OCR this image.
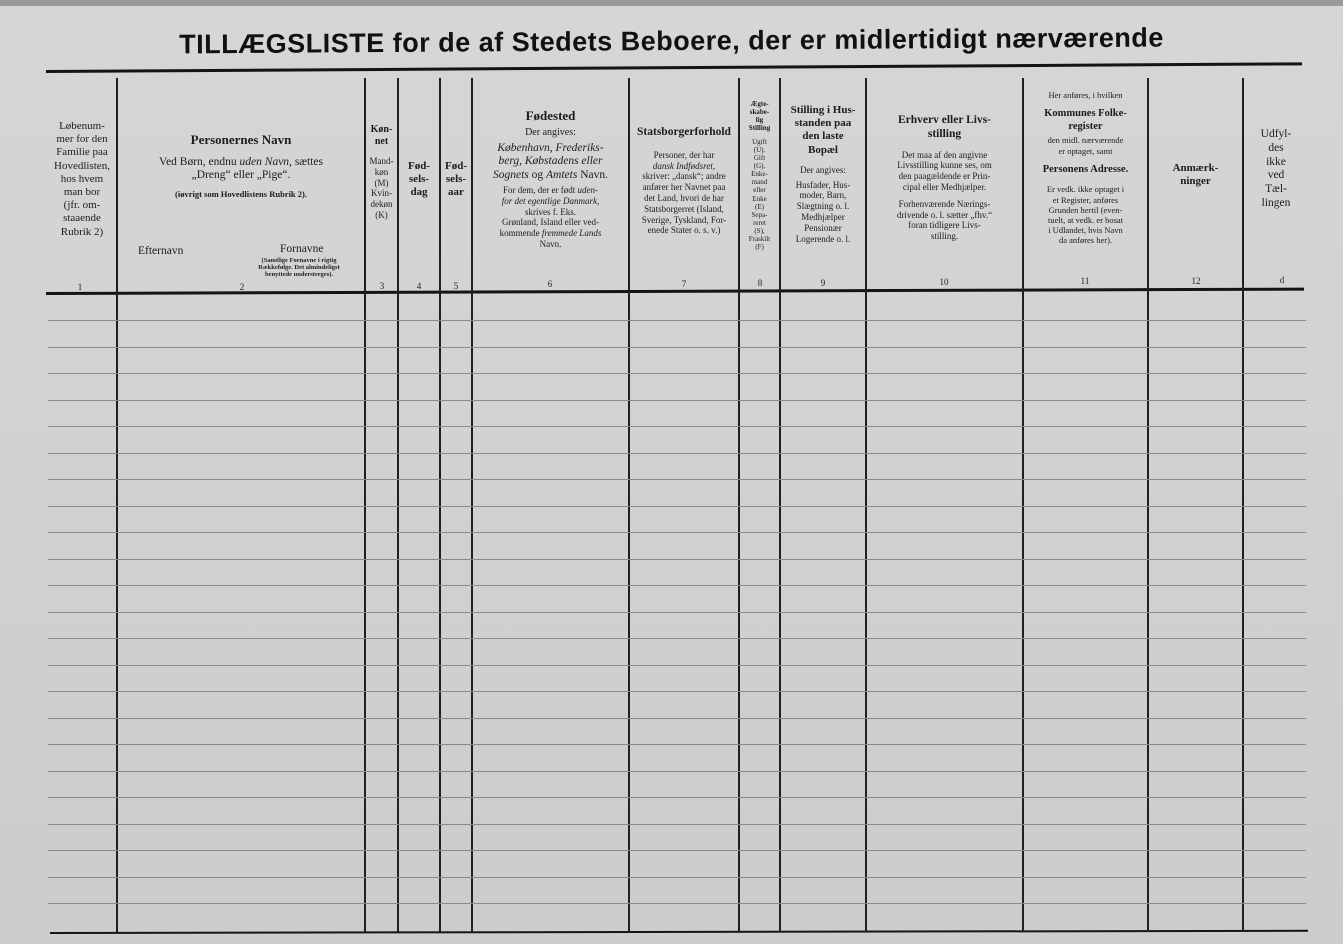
TILLÆGSLISTE for de af Stedets Beboere, der er midlertidigt nærværende
Løbenum-
mer for den
Familie paa
Hovedlisten,
hos hvem
man bor
(jfr. om-
staaende
Rubrik 2)
1
Personernes Navn
Ved Børn, endnu uden Navn, sættes
„Dreng“ eller „Pige“.
(iøvrigt som Hovedlistens Rubrik 2).
Efternavn	Fornavne
(Samtlige Fornavne i rigtig Rækkefølge. Det almindeligst benyttede understreges).
2
Køn-
net
Mand-
køn
(M)
Kvin-
dekøn
(K)
3
Fød-
sels-
dag
4
Fød-
sels-
aar
5
Fødested
Der angives:
København, Frederiks-
berg, Købstadens eller
Sognets og Amtets Navn.
For dem, der er født uden-
for det egentlige Danmark,
skrives f. Eks.
Grønland, Island eller ved-
kommende fremmede Lands
Navn.
6
Statsborgerforhold
Personer, der har
dansk Indfødsret,
skriver: „dansk“; andre
anfører her Navnet paa
det Land, hvori de har
Statsborgerret (Island,
Sverige, Tyskland, For-
enede Stater o. s. v.)
7
Ægte-
skabe-
lig
Stilling
Ugift
(U),
Gift
(G),
Enke-
mand
eller
Enke
(E)
Sepa-
reret
(S),
Fraskilt
(F)
8
Stilling i Hus-
standen paa
den laste
Bopæl
Der angives:
Husfader, Hus-
moder, Barn,
Slægtning o. l.
Medhjælper
Pensionær
Logerende o. l.
9
Erhverv eller Livs-
stilling
Det maa af den angivne
Livsstilling kunne ses, om
den paagældende er Prin-
cipal eller Medhjælper.
Forhenværende Nærings-
drivende o. l. sætter „fhv.“
foran tidligere Livs-
stilling.
10
Her anføres, i hvilken
Kommunes Folke-
register
den midl. nærværende
er optaget, samt
Personens Adresse.
Er vedk. ikke optaget i
et Register, anføres
Grunden hertil (even-
tuelt, at vedk. er bosat
i Udlandet, hvis Navn
da anføres her).
11
Anmærk-
ninger
12
Udfyl-
des
ikke
ved
Tæl-
lingen
d
